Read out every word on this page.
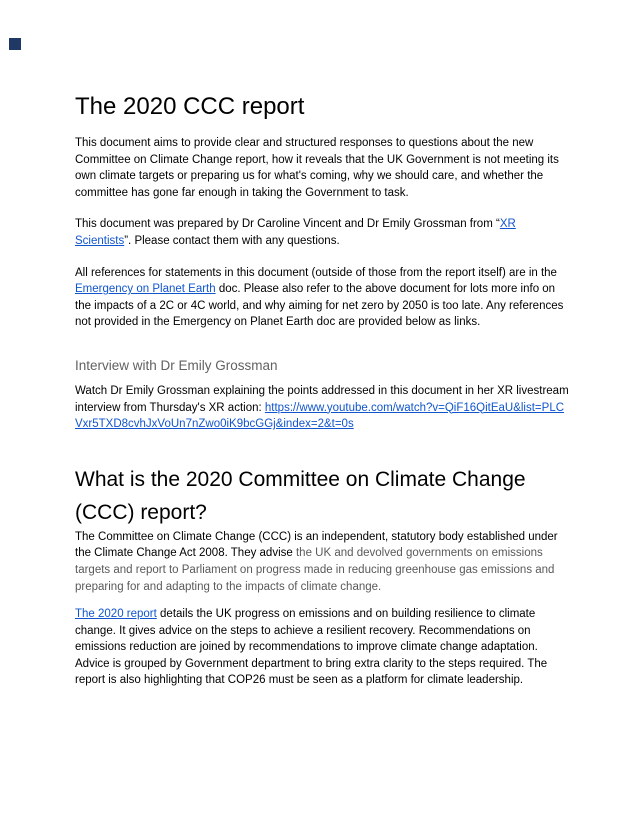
The 2020 CCC report

This document aims to provide clear and structured responses to questions about the new Committee on Climate Change report, how it reveals that the UK Government is not meeting its own climate targets or preparing us for what's coming, why we should care, and whether the committee has gone far enough in taking the Government to task.

This document was prepared by Dr Caroline Vincent and Dr Emily Grossman from “XR Scientists”. Please contact them with any questions.

All references for statements in this document (outside of those from the report itself) are in the Emergency on Planet Earth doc. Please also refer to the above document for lots more info on the impacts of a 2C or 4C world, and why aiming for net zero by 2050 is too late. Any references not provided in the Emergency on Planet Earth doc are provided below as links.

Interview with Dr Emily Grossman

Watch Dr Emily Grossman explaining the points addressed in this document in her XR livestream interview from Thursday's XR action: https://www.youtube.com/watch?v=QiF16QitEaU&list=PLCVxr5TXD8cvhJxVoUn7nZwo0iK9bcGGj&index=2&t=0s

What is the 2020 Committee on Climate Change (CCC) report?

The Committee on Climate Change (CCC) is an independent, statutory body established under the Climate Change Act 2008. They advise the UK and devolved governments on emissions targets and report to Parliament on progress made in reducing greenhouse gas emissions and preparing for and adapting to the impacts of climate change.

The 2020 report details the UK progress on emissions and on building resilience to climate change. It gives advice on the steps to achieve a resilient recovery. Recommendations on emissions reduction are joined by recommendations to improve climate change adaptation. Advice is grouped by Government department to bring extra clarity to the steps required. The report is also highlighting that COP26 must be seen as a platform for climate leadership.
